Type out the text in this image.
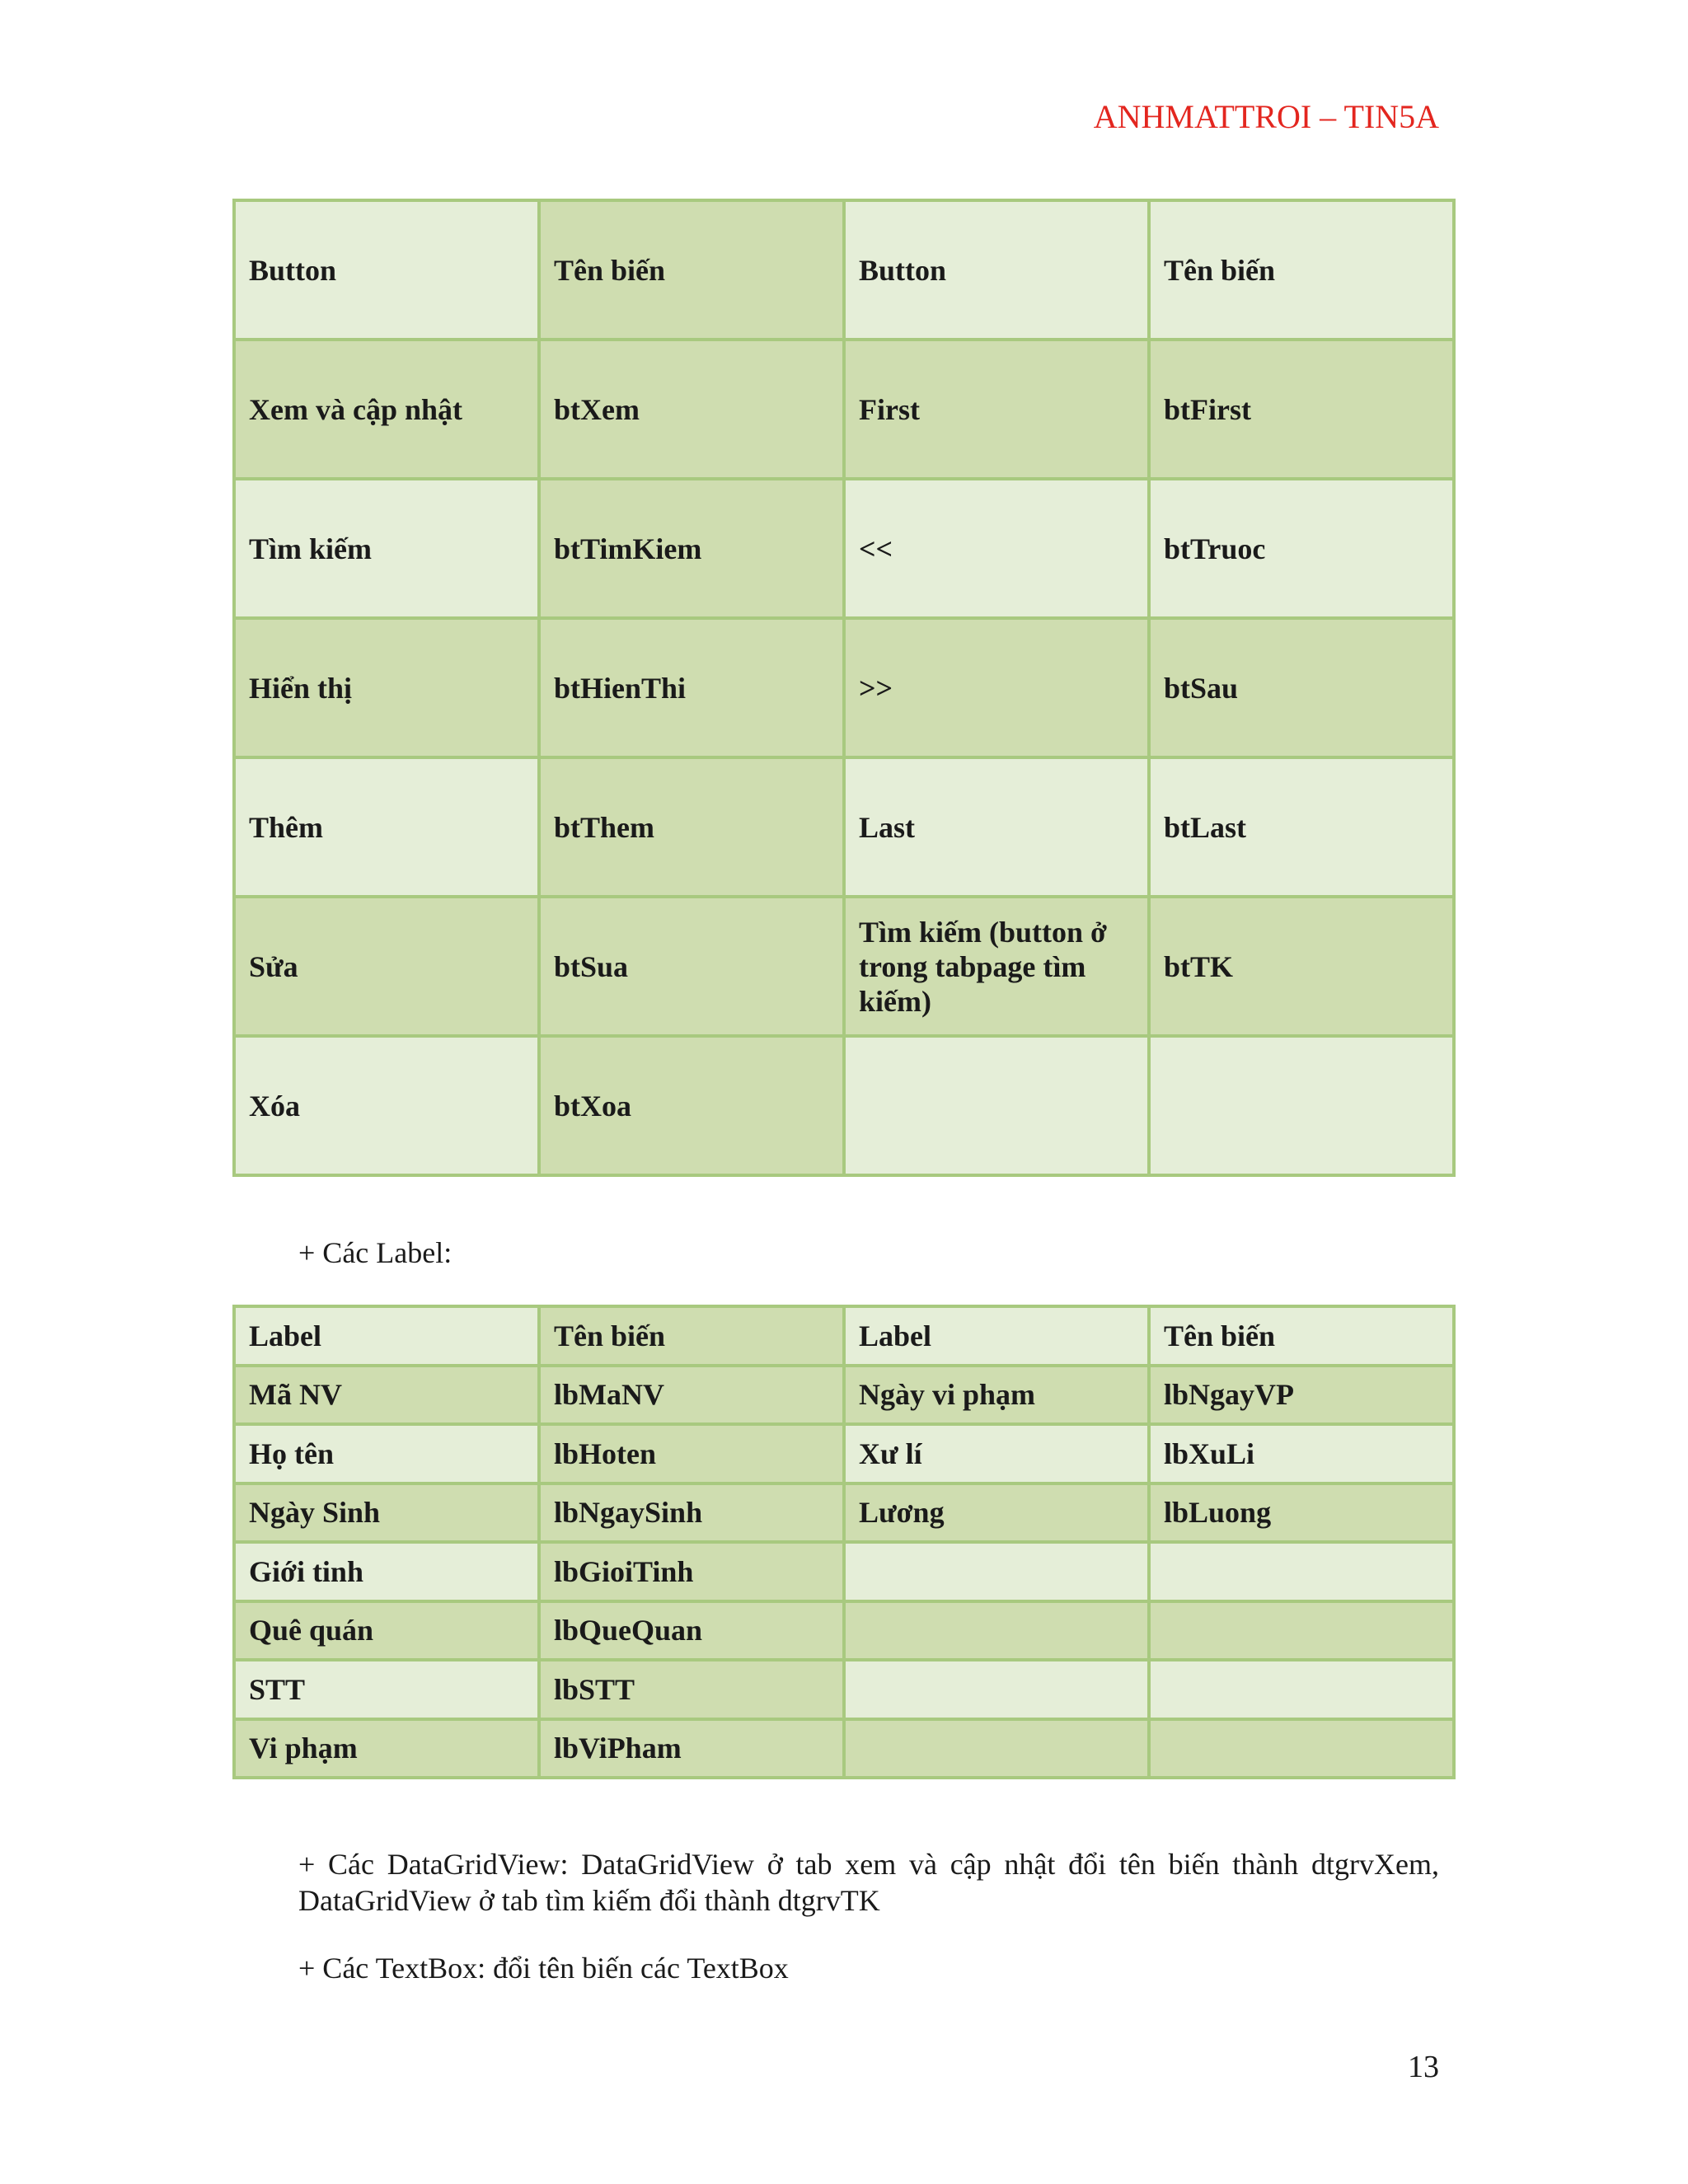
ANHMATTROI – TIN5A
Button	Tên biến	Button	Tên biến
Xem và cập nhật	btXem	First	btFirst
Tìm kiếm	btTimKiem	<<	btTruoc
Hiển thị	btHienThi	>>	btSau
Thêm	btThem	Last	btLast
Sửa	btSua	Tìm kiếm (button ở trong tabpage tìm kiếm)	btTK
Xóa	btXoa		
+ Các Label:
Label	Tên biến	Label	Tên biến
Mã NV	lbMaNV	Ngày vi phạm	lbNgayVP
Họ tên	lbHoten	Xư lí	lbXuLi
Ngày Sinh	lbNgaySinh	Lương	lbLuong
Giới tinh	lbGioiTinh		
Quê quán	lbQueQuan		
STT	lbSTT		
Vi phạm	lbViPham		
+ Các DataGridView: DataGridView ở tab xem và cập nhật đổi tên biến thành dtgrvXem, DataGridView ở tab tìm kiếm đổi thành dtgrvTK
+ Các TextBox: đổi tên biến các TextBox
13
